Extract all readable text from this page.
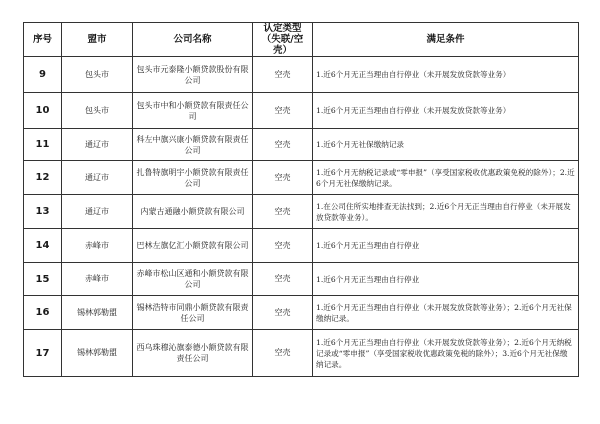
序号	盟市	公司名称	认定类型（失联/空壳）	满足条件
9	包头市	包头市元泰隆小额贷款股份有限公司	空壳	1.近6个月无正当理由自行停业（未开展发放贷款等业务）
10	包头市	包头市中和小额贷款有限责任公司	空壳	1.近6个月无正当理由自行停业（未开展发放贷款等业务）
11	通辽市	科左中旗兴康小额贷款有限责任公司	空壳	1.近6个月无社保缴纳记录
12	通辽市	扎鲁特旗明宇小额贷款有限责任公司	空壳	1.近6个月无纳税记录或“零申报”（享受国家税收优惠政策免税的除外）；2.近6个月无社保缴纳记录。
13	通辽市	内蒙古通融小额贷款有限公司	空壳	1.在公司住所实地排查无法找到；2.近6个月无正当理由自行停业（未开展发放贷款等业务）。
14	赤峰市	巴林左旗亿汇小额贷款有限公司	空壳	1.近6个月无正当理由自行停业
15	赤峰市	赤峰市松山区通和小额贷款有限公司	空壳	1.近6个月无正当理由自行停业
16	锡林郭勒盟	锡林浩特市同鼎小额贷款有限责任公司	空壳	1.近6个月无正当理由自行停业（未开展发放贷款等业务）；2.近6个月无社保缴纳记录。
17	锡林郭勒盟	西乌珠穆沁旗泰德小额贷款有限责任公司	空壳	1.近6个月无正当理由自行停业（未开展发放贷款等业务）；2.近6个月无纳税记录或“零申报”（享受国家税收优惠政策免税的除外）；3.近6个月无社保缴纳记录。
